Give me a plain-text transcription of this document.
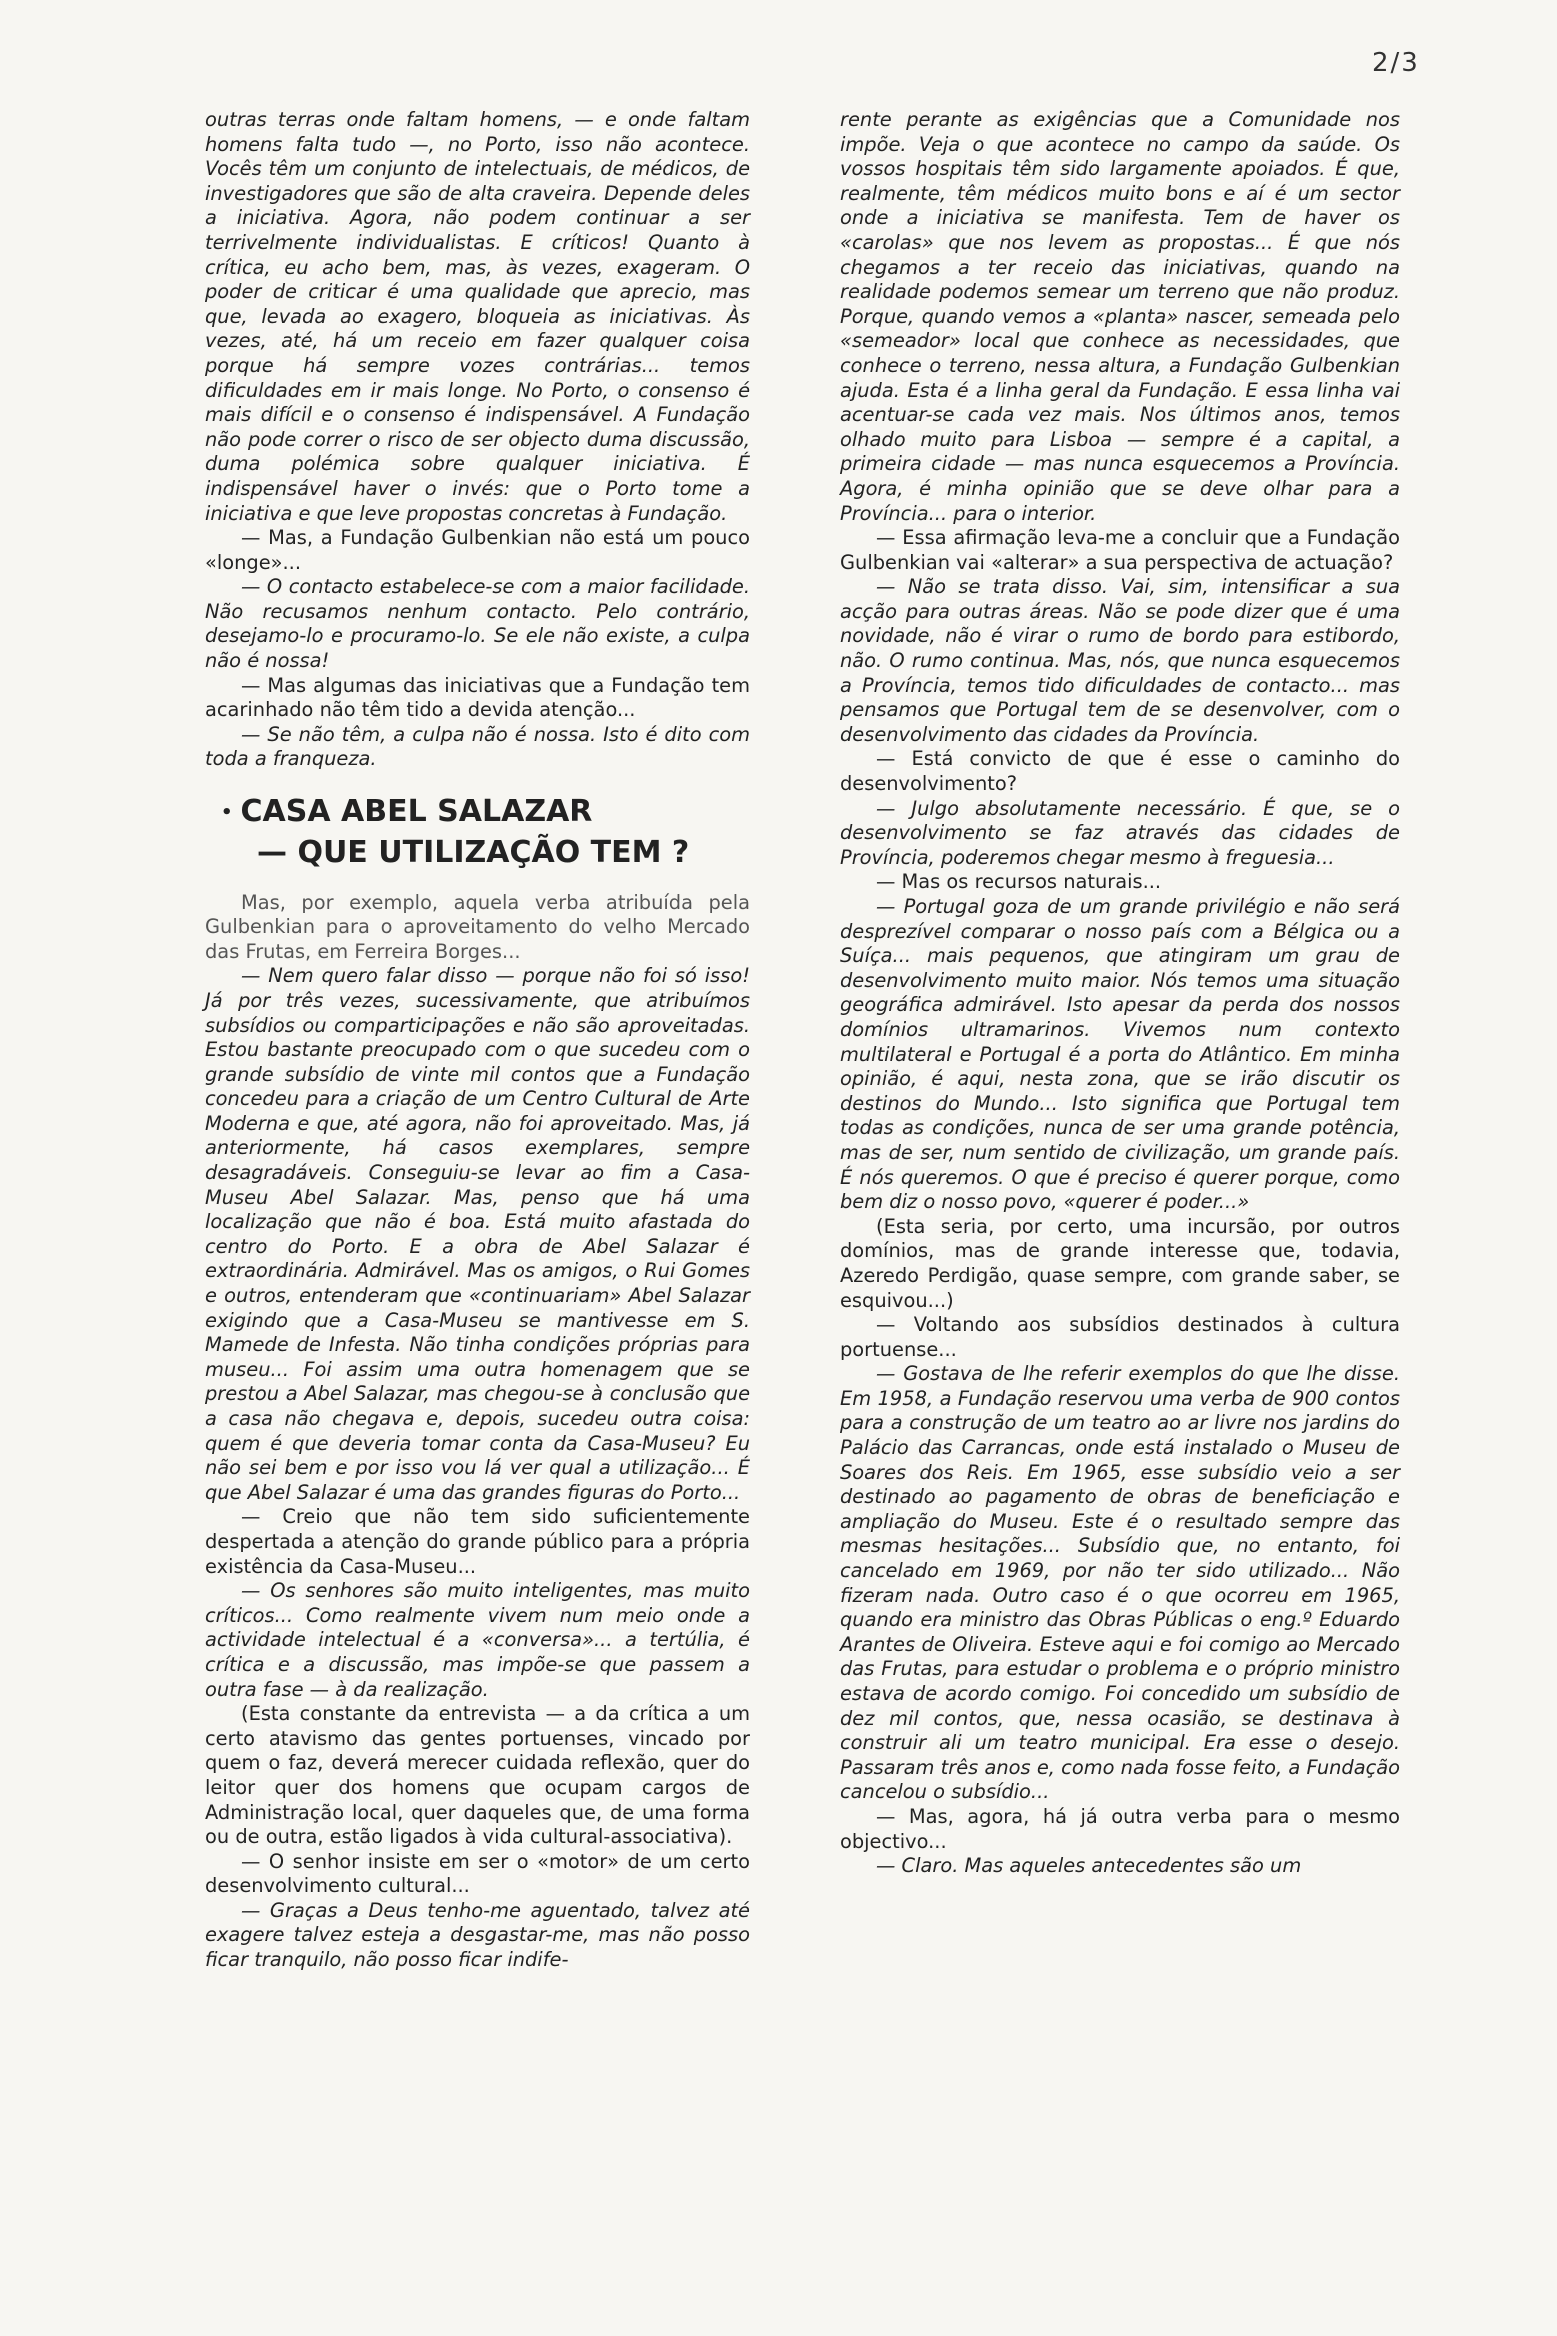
2/3

outras terras onde faltam homens, — e onde faltam homens falta tudo —, no Porto, isso não acontece. Vocês têm um conjunto de intelectuais, de médicos, de investigadores que são de alta craveira. Depende deles a iniciativa. Agora, não podem continuar a ser terrivelmente individualistas. E críticos! Quanto à crítica, eu acho bem, mas, às vezes, exageram. O poder de criticar é uma qualidade que aprecio, mas que, levada ao exagero, bloqueia as iniciativas. Às vezes, até, há um receio em fazer qualquer coisa porque há sempre vozes contrárias... temos dificuldades em ir mais longe. No Porto, o consenso é mais difícil e o consenso é indispensável. A Fundação não pode correr o risco de ser objecto duma discussão, duma polémica sobre qualquer iniciativa. É indispensável haver o invés: que o Porto tome a iniciativa e que leve propostas concretas à Fundação.

— Mas, a Fundação Gulbenkian não está um pouco «longe»...

— O contacto estabelece-se com a maior facilidade. Não recusamos nenhum contacto. Pelo contrário, desejamo-lo e procuramo-lo. Se ele não existe, a culpa não é nossa!

— Mas algumas das iniciativas que a Fundação tem acarinhado não têm tido a devida atenção...

— Se não têm, a culpa não é nossa. Isto é dito com toda a franqueza.

• CASA ABEL SALAZAR
— QUE UTILIZAÇÃO TEM ?

Mas, por exemplo, aquela verba atribuída pela Gulbenkian para o aproveitamento do velho Mercado das Frutas, em Ferreira Borges...

— Nem quero falar disso — porque não foi só isso! Já por três vezes, sucessivamente, que atribuímos subsídios ou comparticipações e não são aproveitadas. Estou bastante preocupado com o que sucedeu com o grande subsídio de vinte mil contos que a Fundação concedeu para a criação de um Centro Cultural de Arte Moderna e que, até agora, não foi aproveitado. Mas, já anteriormente, há casos exemplares, sempre desagradáveis. Conseguiu-se levar ao fim a Casa-Museu Abel Salazar. Mas, penso que há uma localização que não é boa. Está muito afastada do centro do Porto. E a obra de Abel Salazar é extraordinária. Admirável. Mas os amigos, o Rui Gomes e outros, entenderam que «continuariam» Abel Salazar exigindo que a Casa-Museu se mantivesse em S. Mamede de Infesta. Não tinha condições próprias para museu... Foi assim uma outra homenagem que se prestou a Abel Salazar, mas chegou-se à conclusão que a casa não chegava e, depois, sucedeu outra coisa: quem é que deveria tomar conta da Casa-Museu? Eu não sei bem e por isso vou lá ver qual a utilização... É que Abel Salazar é uma das grandes figuras do Porto...

— Creio que não tem sido suficientemente despertada a atenção do grande público para a própria existência da Casa-Museu...

— Os senhores são muito inteligentes, mas muito críticos... Como realmente vivem num meio onde a actividade intelectual é a «conversa»... a tertúlia, é crítica e a discussão, mas impõe-se que passem a outra fase — à da realização.

(Esta constante da entrevista — a da crítica a um certo atavismo das gentes portuenses, vincado por quem o faz, deverá merecer cuidada reflexão, quer do leitor quer dos homens que ocupam cargos de Administração local, quer daqueles que, de uma forma ou de outra, estão ligados à vida cultural-associativa).

— O senhor insiste em ser o «motor» de um certo desenvolvimento cultural...

— Graças a Deus tenho-me aguentado, talvez até exagere talvez esteja a desgastar-me, mas não posso ficar tranquilo, não posso ficar indife-

rente perante as exigências que a Comunidade nos impõe. Veja o que acontece no campo da saúde. Os vossos hospitais têm sido largamente apoiados. É que, realmente, têm médicos muito bons e aí é um sector onde a iniciativa se manifesta. Tem de haver os «carolas» que nos levem as propostas... É que nós chegamos a ter receio das iniciativas, quando na realidade podemos semear um terreno que não produz. Porque, quando vemos a «planta» nascer, semeada pelo «semeador» local que conhece as necessidades, que conhece o terreno, nessa altura, a Fundação Gulbenkian ajuda. Esta é a linha geral da Fundação. E essa linha vai acentuar-se cada vez mais. Nos últimos anos, temos olhado muito para Lisboa — sempre é a capital, a primeira cidade — mas nunca esquecemos a Província. Agora, é minha opinião que se deve olhar para a Província... para o interior.

— Essa afirmação leva-me a concluir que a Fundação Gulbenkian vai «alterar» a sua perspectiva de actuação?

— Não se trata disso. Vai, sim, intensificar a sua acção para outras áreas. Não se pode dizer que é uma novidade, não é virar o rumo de bordo para estibordo, não. O rumo continua. Mas, nós, que nunca esquecemos a Província, temos tido dificuldades de contacto... mas pensamos que Portugal tem de se desenvolver, com o desenvolvimento das cidades da Província.

— Está convicto de que é esse o caminho do desenvolvimento?

— Julgo absolutamente necessário. É que, se o desenvolvimento se faz através das cidades de Província, poderemos chegar mesmo à freguesia...

— Mas os recursos naturais...

— Portugal goza de um grande privilégio e não será desprezível comparar o nosso país com a Bélgica ou a Suíça... mais pequenos, que atingiram um grau de desenvolvimento muito maior. Nós temos uma situação geográfica admirável. Isto apesar da perda dos nossos domínios ultramarinos. Vivemos num contexto multilateral e Portugal é a porta do Atlântico. Em minha opinião, é aqui, nesta zona, que se irão discutir os destinos do Mundo... Isto significa que Portugal tem todas as condições, nunca de ser uma grande potência, mas de ser, num sentido de civilização, um grande país. É nós queremos. O que é preciso é querer porque, como bem diz o nosso povo, «querer é poder...»

(Esta seria, por certo, uma incursão, por outros domínios, mas de grande interesse que, todavia, Azeredo Perdigão, quase sempre, com grande saber, se esquivou...)

— Voltando aos subsídios destinados à cultura portuense...

— Gostava de lhe referir exemplos do que lhe disse. Em 1958, a Fundação reservou uma verba de 900 contos para a construção de um teatro ao ar livre nos jardins do Palácio das Carrancas, onde está instalado o Museu de Soares dos Reis. Em 1965, esse subsídio veio a ser destinado ao pagamento de obras de beneficiação e ampliação do Museu. Este é o resultado sempre das mesmas hesitações... Subsídio que, no entanto, foi cancelado em 1969, por não ter sido utilizado... Não fizeram nada. Outro caso é o que ocorreu em 1965, quando era ministro das Obras Públicas o eng.º Eduardo Arantes de Oliveira. Esteve aqui e foi comigo ao Mercado das Frutas, para estudar o problema e o próprio ministro estava de acordo comigo. Foi concedido um subsídio de dez mil contos, que, nessa ocasião, se destinava à construir ali um teatro municipal. Era esse o desejo. Passaram três anos e, como nada fosse feito, a Fundação cancelou o subsídio...

— Mas, agora, há já outra verba para o mesmo objectivo...

— Claro. Mas aqueles antecedentes são um
